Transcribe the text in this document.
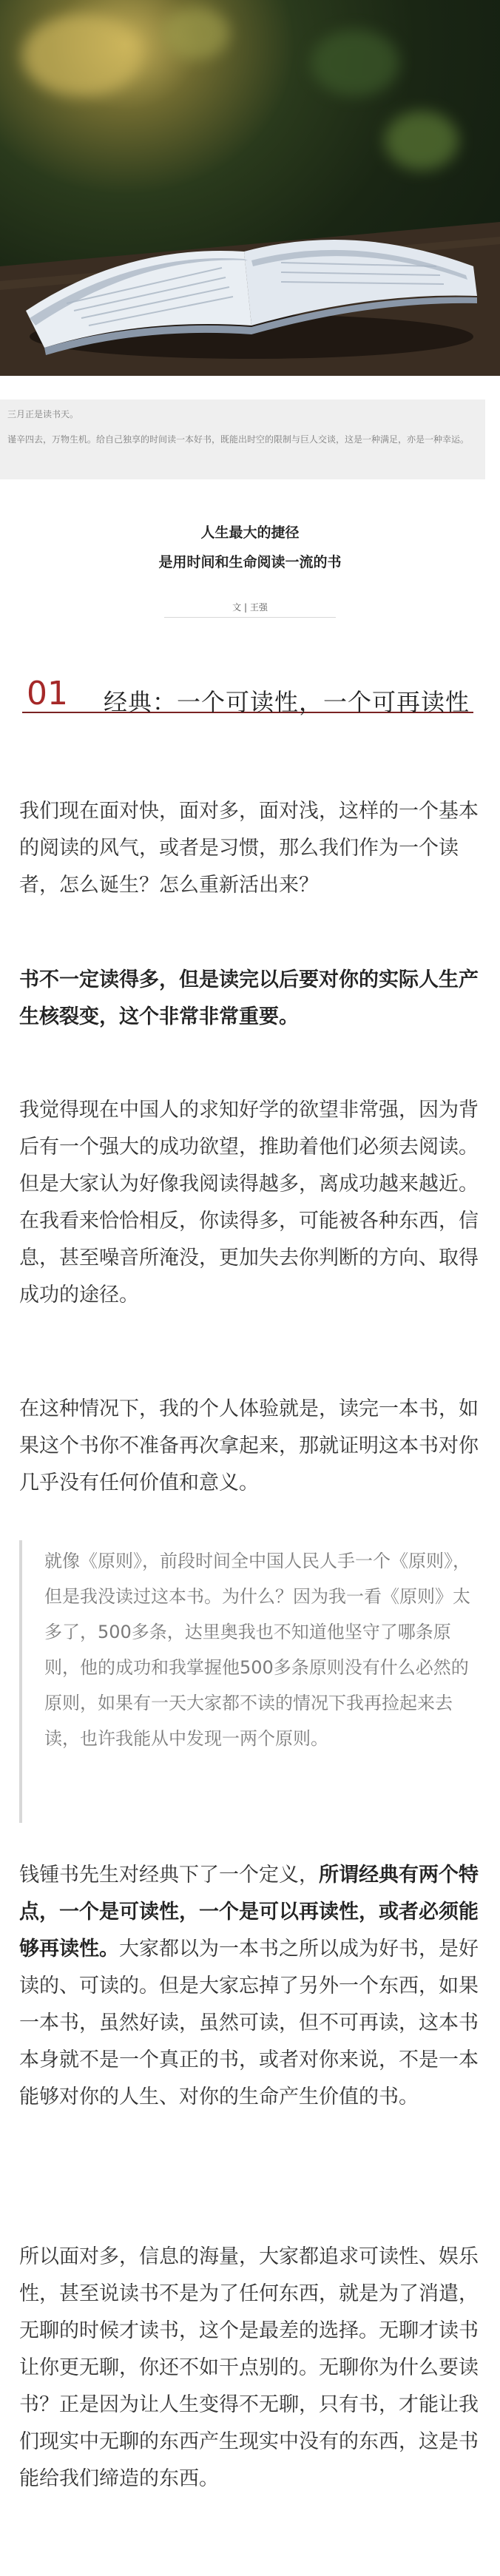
三月正是读书天。

谨辛四去，万物生机。给自己独享的时间读一本好书，既能出时空的限制与巨人交谈，这是一种满足，亦是一种幸运。

人生最大的捷径
是用时间和生命阅读一流的书
文 | 王强
01 经典：一个可读性，一个可再读性

我们现在面对快，面对多，面对浅，这样的一个基本的阅读的风气，或者是习惯，那么我们作为一个读者，怎么诞生？怎么重新活出来？

书不一定读得多，但是读完以后要对你的实际人生产生核裂变，这个非常非常重要。

我觉得现在中国人的求知好学的欲望非常强，因为背后有一个强大的成功欲望，推助着他们必须去阅读。但是大家认为好像我阅读得越多，离成功越来越近。在我看来恰恰相反，你读得多，可能被各种东西，信息，甚至噪音所淹没，更加失去你判断的方向、取得成功的途径。

在这种情况下，我的个人体验就是，读完一本书，如果这个书你不准备再次拿起来，那就证明这本书对你几乎没有任何价值和意义。

就像《原则》，前段时间全中国人民人手一个《原则》，但是我没读过这本书。为什么？因为我一看《原则》太多了，500多条，达里奥我也不知道他坚守了哪条原则，他的成功和我掌握他500多条原则没有什么必然的原则，如果有一天大家都不读的情况下我再捡起来去读，也许我能从中发现一两个原则。

钱锺书先生对经典下了一个定义，所谓经典有两个特点，一个是可读性，一个是可以再读性，或者必须能够再读性。大家都以为一本书之所以成为好书，是好读的、可读的。但是大家忘掉了另外一个东西，如果一本书，虽然好读，虽然可读，但不可再读，这本书本身就不是一个真正的书，或者对你来说，不是一本能够对你的人生、对你的生命产生价值的书。

所以面对多，信息的海量，大家都追求可读性、娱乐性，甚至说读书不是为了任何东西，就是为了消遣，无聊的时候才读书，这个是最差的选择。无聊才读书让你更无聊，你还不如干点别的。无聊你为什么要读书？正是因为让人生变得不无聊，只有书，才能让我们现实中无聊的东西产生现实中没有的东西，这是书能给我们缔造的东西。
